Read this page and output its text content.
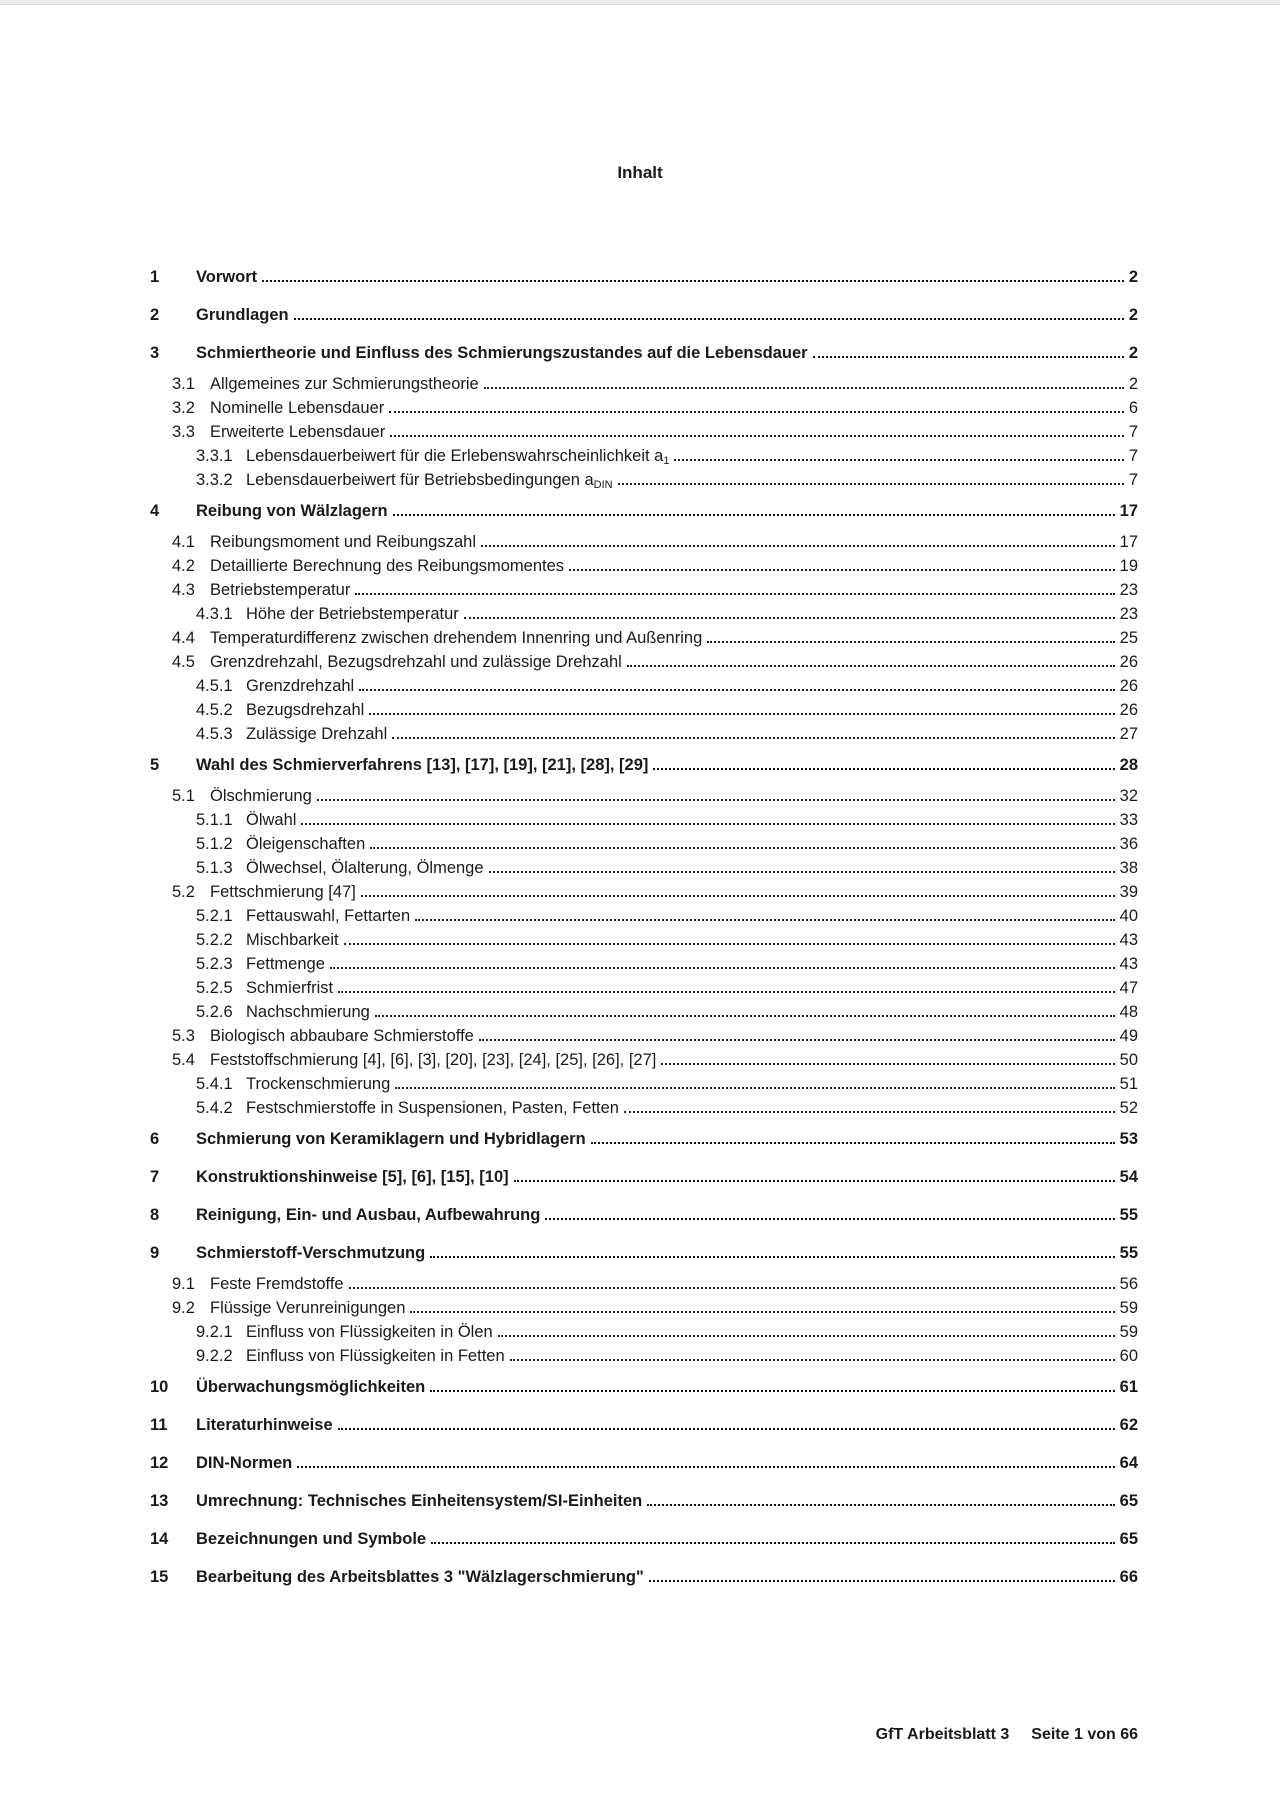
Inhalt
1	Vorwort	2
2	Grundlagen	2
3	Schmiertheorie und Einfluss des Schmierungszustandes auf die Lebensdauer	2
3.1 Allgemeines zur Schmierungstheorie	2
3.2 Nominelle Lebensdauer	6
3.3 Erweiterte Lebensdauer	7
3.3.1 Lebensdauerbeiwert für die Erlebenswahrscheinlichkeit $a_1$	7
3.3.2 Lebensdauerbeiwert für Betriebsbedingungen $a_{DIN}$	7
4	Reibung von Wälzlagern	17
4.1 Reibungsmoment und Reibungszahl	17
4.2 Detaillierte Berechnung des Reibungsmomentes	19
4.3 Betriebstemperatur	23
4.3.1 Höhe der Betriebstemperatur	23
4.4 Temperaturdifferenz zwischen drehendem Innenring und Außenring	25
4.5 Grenzdrehzahl, Bezugsdrehzahl und zulässige Drehzahl	26
4.5.1 Grenzdrehzahl	26
4.5.2 Bezugsdrehzahl	26
4.5.3 Zulässige Drehzahl	27
5	Wahl des Schmierverfahrens [13], [17], [19], [21], [28], [29]	28
5.1 Ölschmierung	32
5.1.1 Ölwahl	33
5.1.2 Öleigenschaften	36
5.1.3 Ölwechsel, Ölalterung, Ölmenge	38
5.2 Fettschmierung [47]	39
5.2.1 Fettauswahl, Fettarten	40
5.2.2 Mischbarkeit	43
5.2.3 Fettmenge	43
5.2.5 Schmierfrist	47
5.2.6 Nachschmierung	48
5.3 Biologisch abbaubare Schmierstoffe	49
5.4 Feststoffschmierung [4], [6], [3], [20], [23], [24], [25], [26], [27]	50
5.4.1 Trockenschmierung	51
5.4.2 Festschmierstoffe in Suspensionen, Pasten, Fetten	52
6	Schmierung von Keramiklagern und Hybridlagern	53
7	Konstruktionshinweise [5], [6], [15], [10]	54
8	Reinigung, Ein- und Ausbau, Aufbewahrung	55
9	Schmierstoff-Verschmutzung	55
9.1 Feste Fremdstoffe	56
9.2 Flüssige Verunreinigungen	59
9.2.1 Einfluss von Flüssigkeiten in Ölen	59
9.2.2 Einfluss von Flüssigkeiten in Fetten	60
10	Überwachungsmöglichkeiten	61
11	Literaturhinweise	62
12	DIN-Normen	64
13	Umrechnung: Technisches Einheitensystem/SI-Einheiten	65
14	Bezeichnungen und Symbole	65
15	Bearbeitung des Arbeitsblattes 3 "Wälzlagerschmierung"	66
GfT Arbeitsblatt 3 Seite 1 von 66
